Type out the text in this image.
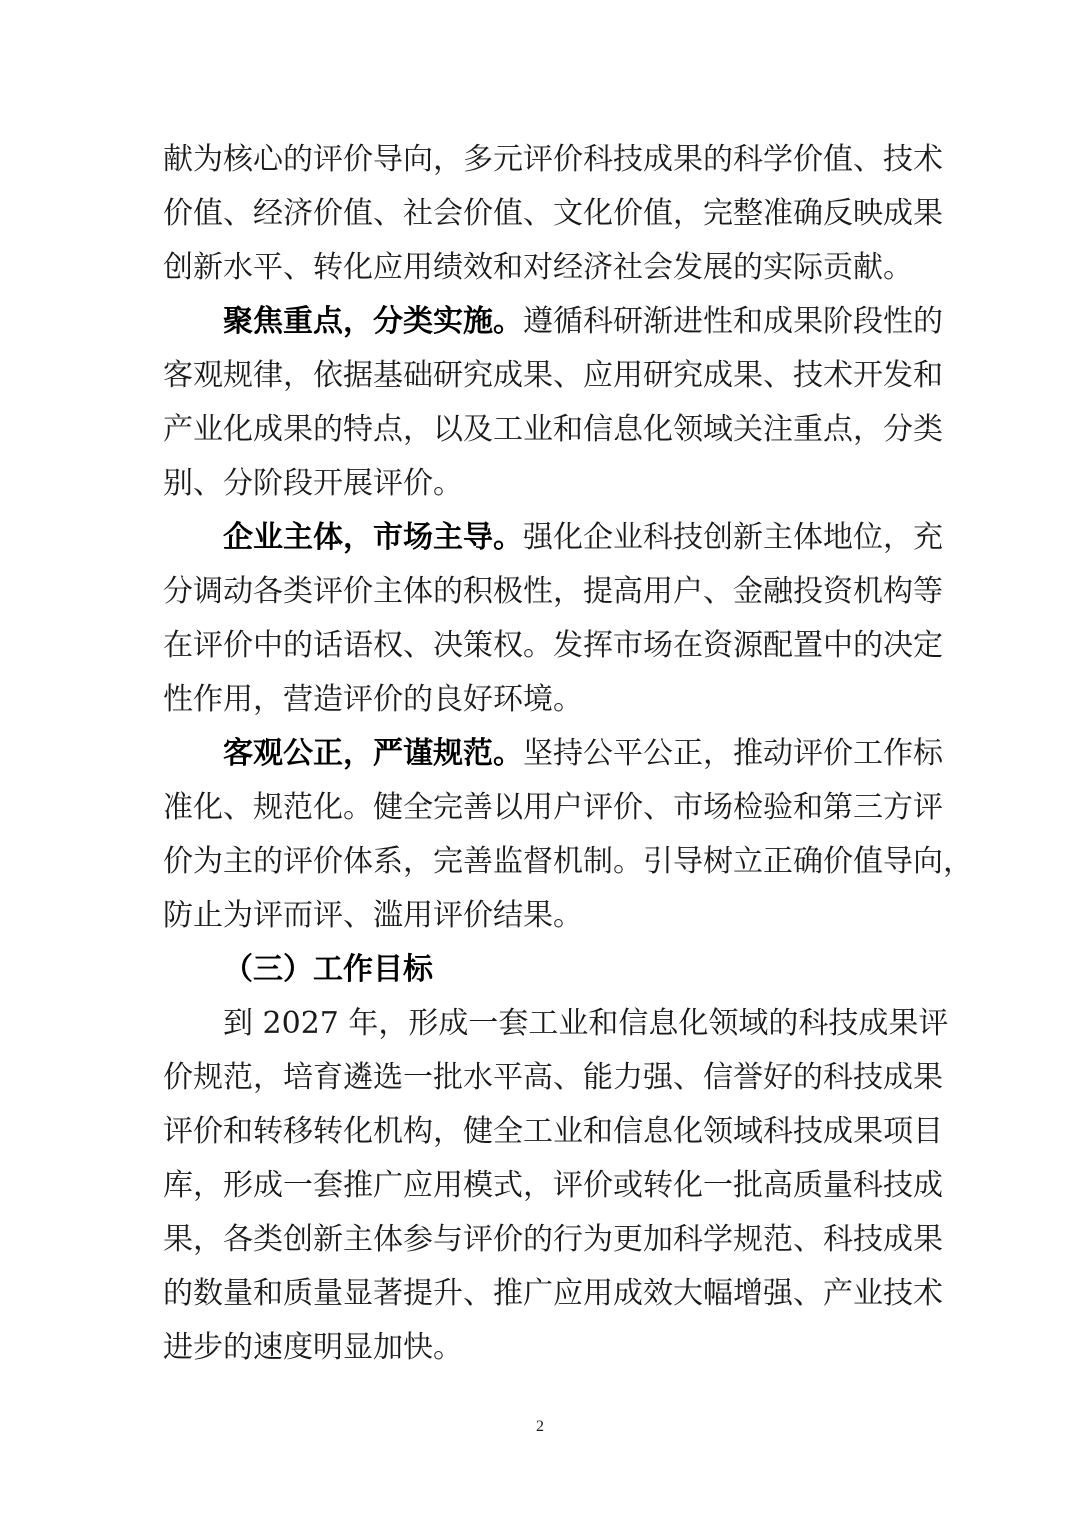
献为核心的评价导向，多元评价科技成果的科学价值、技术
价值、经济价值、社会价值、文化价值，完整准确反映成果
创新水平、转化应用绩效和对经济社会发展的实际贡献。
聚焦重点，分类实施。遵循科研渐进性和成果阶段性的
客观规律，依据基础研究成果、应用研究成果、技术开发和
产业化成果的特点，以及工业和信息化领域关注重点，分类
别、分阶段开展评价。
企业主体，市场主导。强化企业科技创新主体地位，充
分调动各类评价主体的积极性，提高用户、金融投资机构等
在评价中的话语权、决策权。发挥市场在资源配置中的决定
性作用，营造评价的良好环境。
客观公正，严谨规范。坚持公平公正，推动评价工作标
准化、规范化。健全完善以用户评价、市场检验和第三方评
价为主的评价体系，完善监督机制。引导树立正确价值导向，
防止为评而评、滥用评价结果。
（三）工作目标
到 2027 年，形成一套工业和信息化领域的科技成果评
价规范，培育遴选一批水平高、能力强、信誉好的科技成果
评价和转移转化机构，健全工业和信息化领域科技成果项目
库，形成一套推广应用模式，评价或转化一批高质量科技成
果，各类创新主体参与评价的行为更加科学规范、科技成果
的数量和质量显著提升、推广应用成效大幅增强、产业技术
进步的速度明显加快。
2
